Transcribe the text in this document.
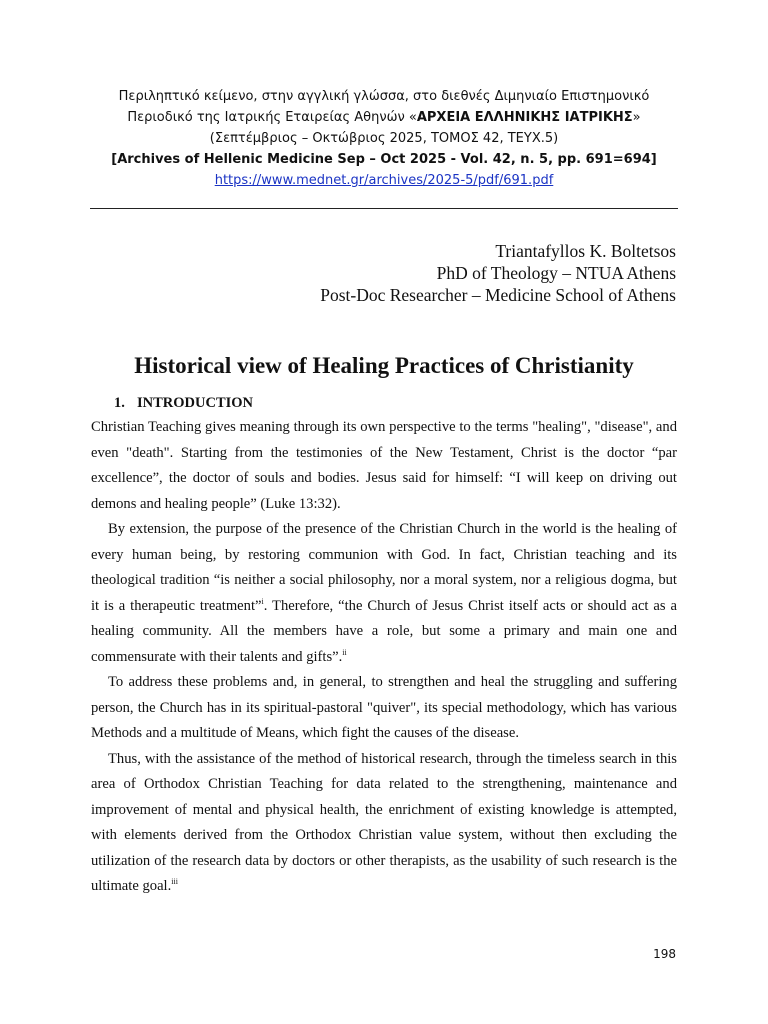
Περιληπτικό κείμενο, στην αγγλική γλώσσα, στο διεθνές Διμηνιαίο Επιστημονικό
Περιοδικό της Ιατρικής Εταιρείας Αθηνών «ΑΡΧΕΙΑ ΕΛΛΗΝΙΚΗΣ ΙΑΤΡΙΚΗΣ»
(Σεπτέμβριος – Οκτώβριος 2025, ΤΟΜΟΣ 42, ΤΕΥΧ.5)
[Archives of Hellenic Medicine Sep – Oct 2025 - Vol. 42, n. 5, pp. 691=694]
https://www.mednet.gr/archives/2025-5/pdf/691.pdf
Triantafyllos K. Boltetsos
PhD of Theology – NTUA Athens
Post-Doc Researcher – Medicine School of Athens
Historical view of Healing Practices of Christianity
1. INTRODUCTION

Christian Teaching gives meaning through its own perspective to the terms "healing", "disease", and even "death". Starting from the testimonies of the New Testament, Christ is the doctor “par excellence”, the doctor of souls and bodies. Jesus said for himself: “I will keep on driving out demons and healing people” (Luke 13:32).

By extension, the purpose of the presence of the Christian Church in the world is the healing of every human being, by restoring communion with God. In fact, Christian teaching and its theological tradition “is neither a social philosophy, nor a moral system, nor a religious dogma, but it is a therapeutic treatment”$^i$. Therefore, “the Church of Jesus Christ itself acts or should act as a healing community. All the members have a role, but some a primary and main one and commensurate with their talents and gifts”.$^{ii}$

To address these problems and, in general, to strengthen and heal the struggling and suffering person, the Church has in its spiritual-pastoral "quiver", its special methodology, which has various Methods and a multitude of Means, which fight the causes of the disease.

Thus, with the assistance of the method of historical research, through the timeless search in this area of Orthodox Christian Teaching for data related to the strengthening, maintenance and improvement of mental and physical health, the enrichment of existing knowledge is attempted, with elements derived from the Orthodox Christian value system, without then excluding the utilization of the research data by doctors or other therapists, as the usability of such research is the ultimate goal.$^{iii}$

198
